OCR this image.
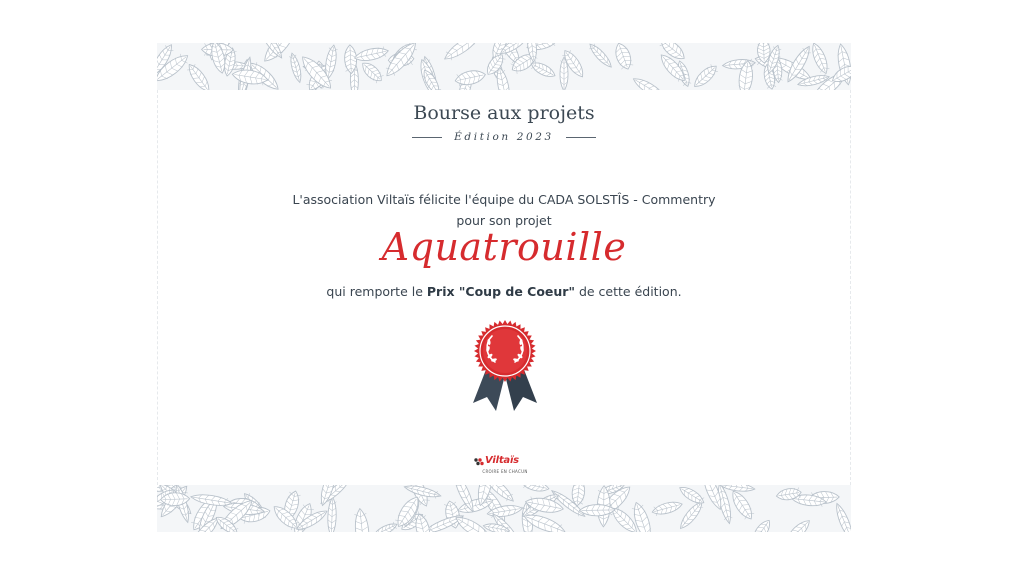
Bourse aux projets
Édition 2023
L'association Viltaïs félicite l'équipe du CADA SOLSTÎS - Commentry
pour son projet
Aquatrouille
qui remporte le Prix "Coup de Coeur" de cette édition.
Viltaïs
CROIRE EN CHACUN
